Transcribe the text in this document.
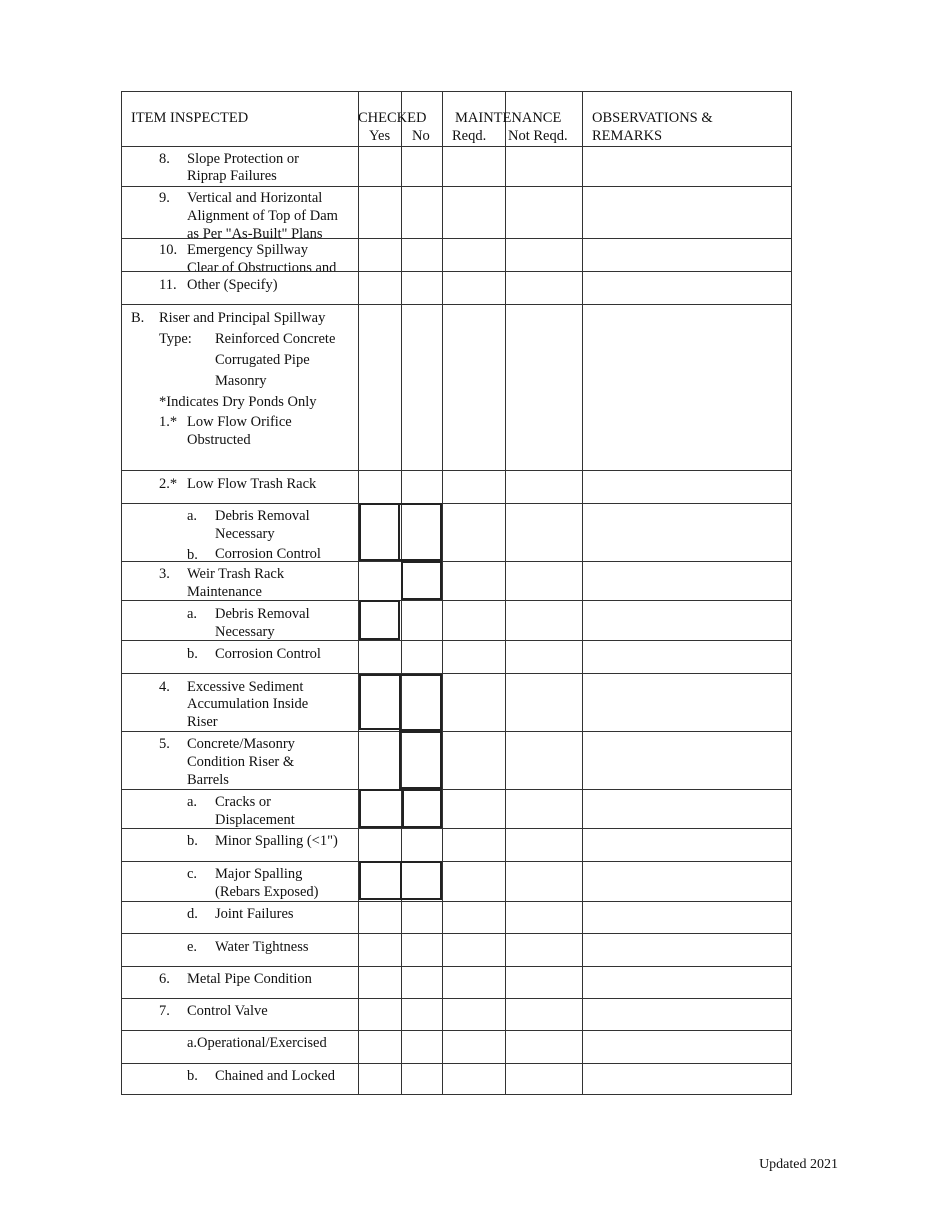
ITEM INSPECTED	CHECKED
Yes No
MAINTENANCE
Reqd. Not Reqd.
OBSERVATIONS &
REMARKS
8. Slope Protection or
Riprap Failures
9. Vertical and Horizontal
Alignment of Top of Dam
as Per "As-Built" Plans
10. Emergency Spillway
Clear of Obstructions and
11. Other (Specify)
B. Riser and Principal Spillway
Type: Reinforced Concrete
Corrugated Pipe
Masonry
*Indicates Dry Ponds Only
1.* Low Flow Orifice
Obstructed
2.* Low Flow Trash Rack
a. Debris Removal
Necessary
b. Corrosion Control
3. Weir Trash Rack
Maintenance
a. Debris Removal
Necessary
b. Corrosion Control
4. Excessive Sediment
Accumulation Inside
Riser
5. Concrete/Masonry
Condition Riser &
Barrels
a. Cracks or
Displacement
b. Minor Spalling (<1")
c. Major Spalling
(Rebars Exposed)
d. Joint Failures
e. Water Tightness
6. Metal Pipe Condition
7. Control Valve
a.Operational/Exercised
b. Chained and Locked
Updated 2021
